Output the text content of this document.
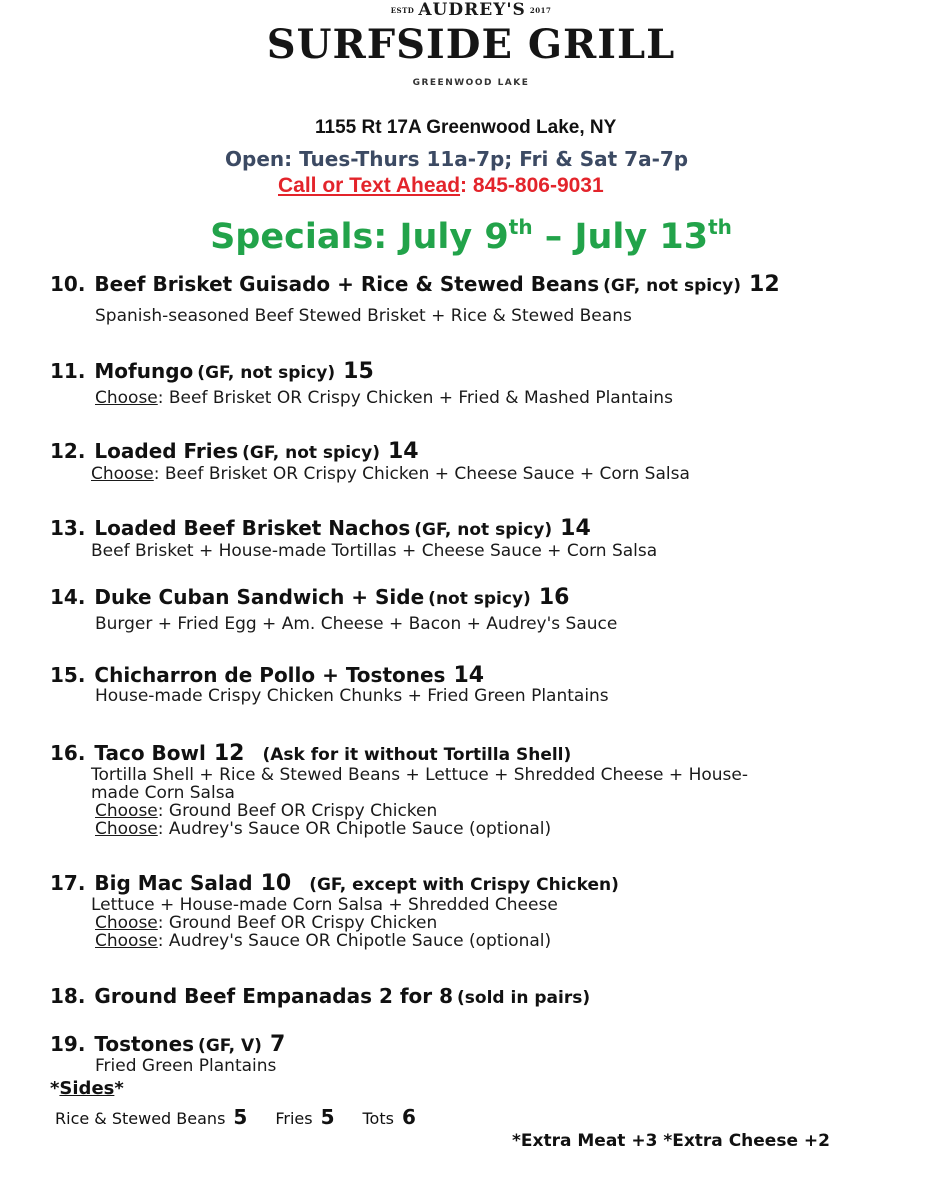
ESTD AUDREY'S 2017
SURFSIDE GRILL
GREENWOOD LAKE
1155 Rt 17A Greenwood Lake, NY
Open: Tues-Thurs 11a-7p; Fri & Sat 7a-7p
Call or Text Ahead: 845-806-9031
Specials: July 9th – July 13th
10. Beef Brisket Guisado + Rice & Stewed Beans (GF, not spicy) 12
Spanish-seasoned Beef Stewed Brisket + Rice & Stewed Beans
11. Mofungo (GF, not spicy) 15
Choose: Beef Brisket OR Crispy Chicken + Fried & Mashed Plantains
12. Loaded Fries (GF, not spicy) 14
Choose: Beef Brisket OR Crispy Chicken + Cheese Sauce + Corn Salsa
13. Loaded Beef Brisket Nachos (GF, not spicy) 14
Beef Brisket + House-made Tortillas + Cheese Sauce + Corn Salsa
14. Duke Cuban Sandwich + Side (not spicy) 16
Burger + Fried Egg + Am. Cheese + Bacon + Audrey's Sauce
15. Chicharron de Pollo + Tostones 14
House-made Crispy Chicken Chunks + Fried Green Plantains
16. Taco Bowl 12 (Ask for it without Tortilla Shell)
Tortilla Shell + Rice & Stewed Beans + Lettuce + Shredded Cheese + House-
made Corn Salsa
Choose: Ground Beef OR Crispy Chicken
Choose: Audrey's Sauce OR Chipotle Sauce (optional)
17. Big Mac Salad 10 (GF, except with Crispy Chicken)
Lettuce + House-made Corn Salsa + Shredded Cheese
Choose: Ground Beef OR Crispy Chicken
Choose: Audrey's Sauce OR Chipotle Sauce (optional)
18. Ground Beef Empanadas 2 for 8 (sold in pairs)
19. Tostones (GF, V) 7
Fried Green Plantains
*Sides*
Rice & Stewed Beans 5 Fries 5 Tots 6
*Extra Meat +3 *Extra Cheese +2
